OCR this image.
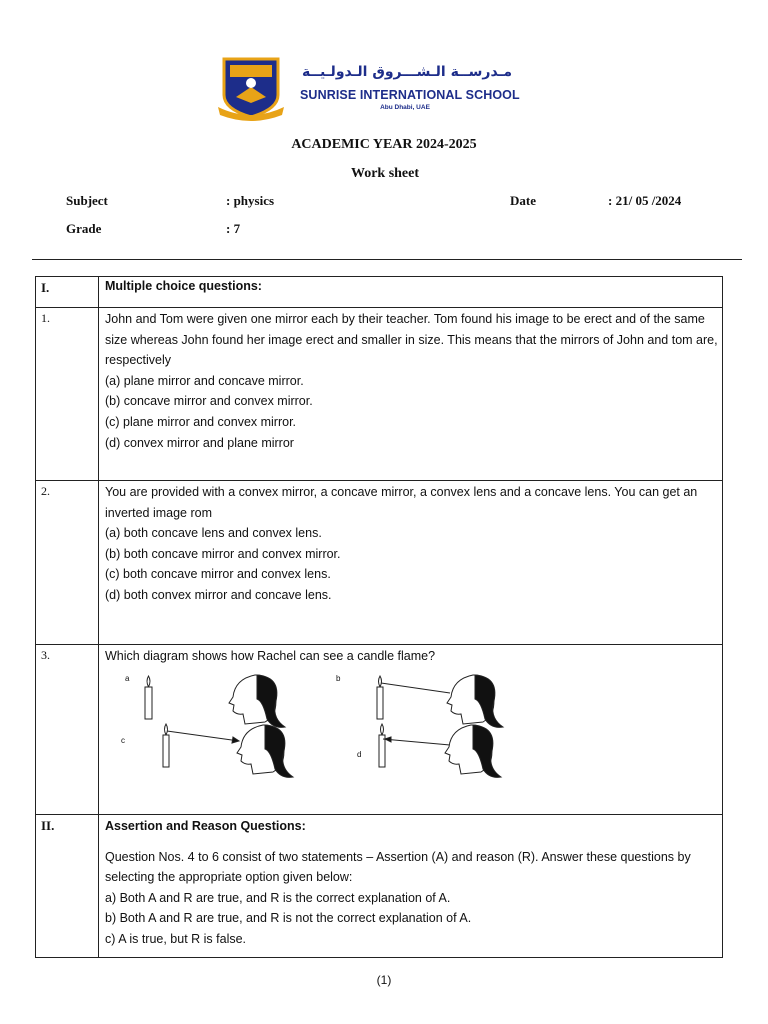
مـدرســة الـشـــروق الـدولـيــة
SUNRISE INTERNATIONAL SCHOOL
Abu Dhabi, UAE
ACADEMIC YEAR 2024-2025
Work sheet
Subject	: physics	Date	: 21/ 05 /2024
Grade	: 7
I.	Multiple choice questions:
1.	John and Tom were given one mirror each by their teacher. Tom found his image to be erect and of the same size whereas John found her image erect and smaller in size. This means that the mirrors of John and tom are, respectively

(a) plane mirror and concave mirror.

(b) concave mirror and convex mirror.

(c) plane mirror and convex mirror.

(d) convex mirror and plane mirror

2.	You are provided with a convex mirror, a concave mirror, a convex lens and a concave lens. You can get an inverted image rom

(a) both concave lens and convex lens.

(b) both concave mirror and convex mirror.

(c) both concave mirror and convex lens.

(d) both convex mirror and concave lens.

3.	Which diagram shows how Rachel can see a candle flame?

a b
c
d

II.	Assertion and Reason Questions:

Question Nos. 4 to 6 consist of two statements – Assertion (A) and reason (R). Answer these questions by selecting the appropriate option given below:

a) Both A and R are true, and R is the correct explanation of A.

b) Both A and R are true, and R is not the correct explanation of A.

c) A is true, but R is false.

(1)
